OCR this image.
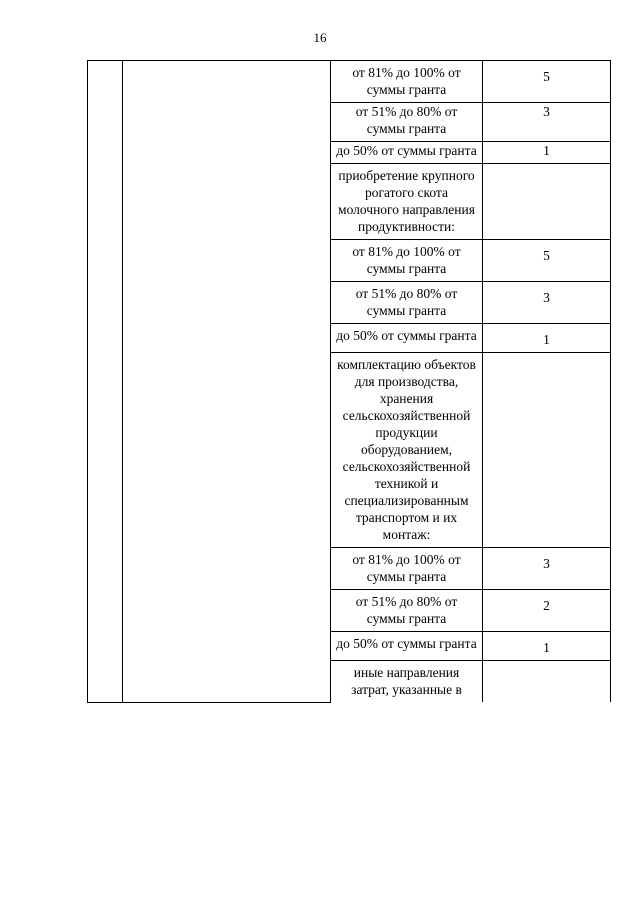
16
		от 81% до 100% от суммы гранта	5
		от 51% до 80% от суммы гранта	3
		до 50% от суммы гранта	1
		приобретение крупного рогатого скота молочного направления продуктивности:	
		от 81% до 100% от суммы гранта	5
		от 51% до 80% от суммы гранта	3
		до 50% от суммы гранта	1
		комплектацию объектов для производства, хранения сельскохозяйственной продукции оборудованием, сельскохозяйственной техникой и специализированным транспортом и их монтаж:	
		от 81% до 100% от суммы гранта	3
		от 51% до 80% от суммы гранта	2
		до 50% от суммы гранта	1
		иные направления затрат, указанные в	
